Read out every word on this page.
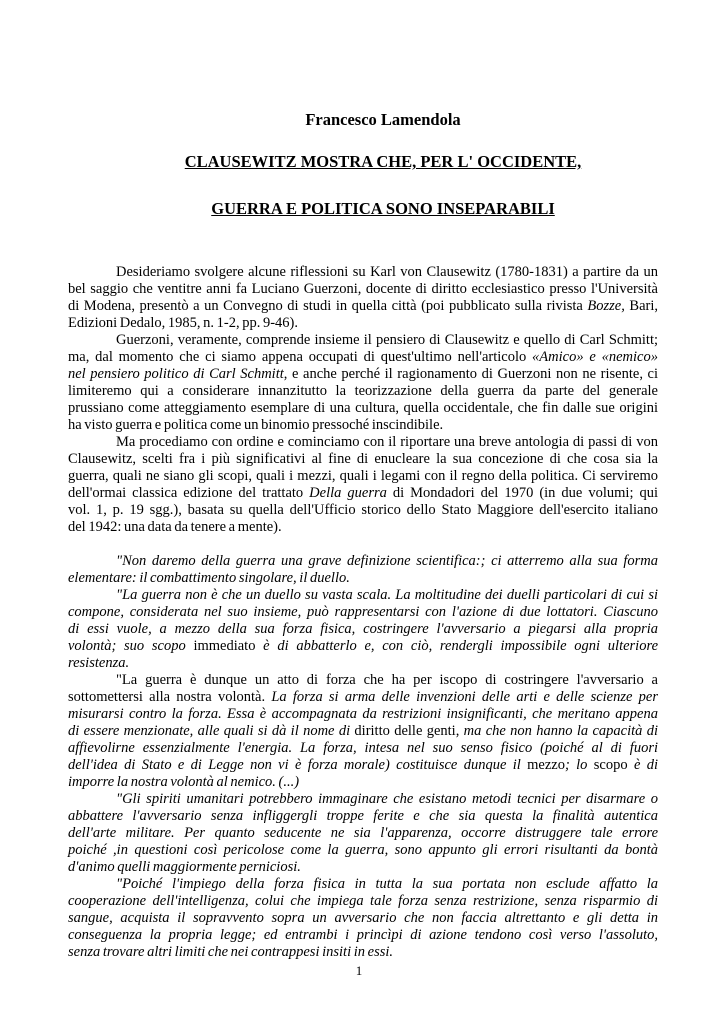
Francesco Lamendola
CLAUSEWITZ MOSTRA CHE, PER L' OCCIDENTE,
GUERRA E POLITICA SONO INSEPARABILI
Desideriamo svolgere alcune riflessioni su Karl von Clausewitz (1780-1831) a partire da un
bel saggio che ventitre anni fa Luciano Guerzoni, docente di diritto ecclesiastico presso l'Università
di Modena, presentò a un Convegno di studi in quella città (poi pubblicato sulla rivista Bozze, Bari,
Edizioni Dedalo, 1985, n. 1-2, pp. 9-46).
Guerzoni, veramente, comprende insieme il pensiero di Clausewitz e quello di Carl Schmitt;
ma, dal momento che ci siamo appena occupati di quest'ultimo nell'articolo «Amico» e «nemico»
nel pensiero politico di Carl Schmitt, e anche perché il ragionamento di Guerzoni non ne risente, ci
limiteremo qui a considerare innanzitutto la teorizzazione della guerra da parte del generale
prussiano come atteggiamento esemplare di una cultura, quella occidentale, che fin dalle sue origini
ha visto guerra e politica come un binomio pressoché inscindibile.
Ma procediamo con ordine e cominciamo con il riportare una breve antologia di passi di von
Clausewitz, scelti fra i più significativi al fine di enucleare la sua concezione di che cosa sia la
guerra, quali ne siano gli scopi, quali i mezzi, quali i legami con il regno della politica. Ci serviremo
dell'ormai classica edizione del trattato Della guerra di Mondadori del 1970 (in due volumi; qui
vol. 1, p. 19 sgg.), basata su quella dell'Ufficio storico dello Stato Maggiore dell'esercito italiano
del 1942: una data da tenere a mente).
"Non daremo della guerra una grave definizione scientifica:; ci atterremo alla sua forma
elementare: il combattimento singolare, il duello.
"La guerra non è che un duello su vasta scala. La moltitudine dei duelli particolari di cui si
compone, considerata nel suo insieme, può rappresentarsi con l'azione di due lottatori. Ciascuno
di essi vuole, a mezzo della sua forza fisica, costringere l'avversario a piegarsi alla propria
volontà; suo scopo immediato è di abbatterlo e, con ciò, rendergli impossibile ogni ulteriore
resistenza.
"La guerra è dunque un atto di forza che ha per iscopo di costringere l'avversario a
sottomettersi alla nostra volontà. La forza si arma delle invenzioni delle arti e delle scienze per
misurarsi contro la forza. Essa è accompagnata da restrizioni insignificanti, che meritano appena
di essere menzionate, alle quali si dà il nome di diritto delle genti, ma che non hanno la capacità di
affievolirne essenzialmente l'energia. La forza, intesa nel suo senso fisico (poiché al di fuori
dell'idea di Stato e di Legge non vi è forza morale) costituisce dunque il mezzo; lo scopo è di
imporre la nostra volontà al nemico. (...)
"Gli spiriti umanitari potrebbero immaginare che esistano metodi tecnici per disarmare o
abbattere l'avversario senza infliggergli troppe ferite e che sia questa la finalità autentica
dell'arte militare. Per quanto seducente ne sia l'apparenza, occorre distruggere tale errore
poiché ,in questioni così pericolose come la guerra, sono appunto gli errori risultanti da bontà
d'animo quelli maggiormente perniciosi.
"Poiché l'impiego della forza fisica in tutta la sua portata non esclude affatto la
cooperazione dell'intelligenza, colui che impiega tale forza senza restrizione, senza risparmio di
sangue, acquista il sopravvento sopra un avversario che non faccia altrettanto e gli detta in
conseguenza la propria legge; ed entrambi i princìpi di azione tendono così verso l'assoluto,
senza trovare altri limiti che nei contrappesi insiti in essi.
1
